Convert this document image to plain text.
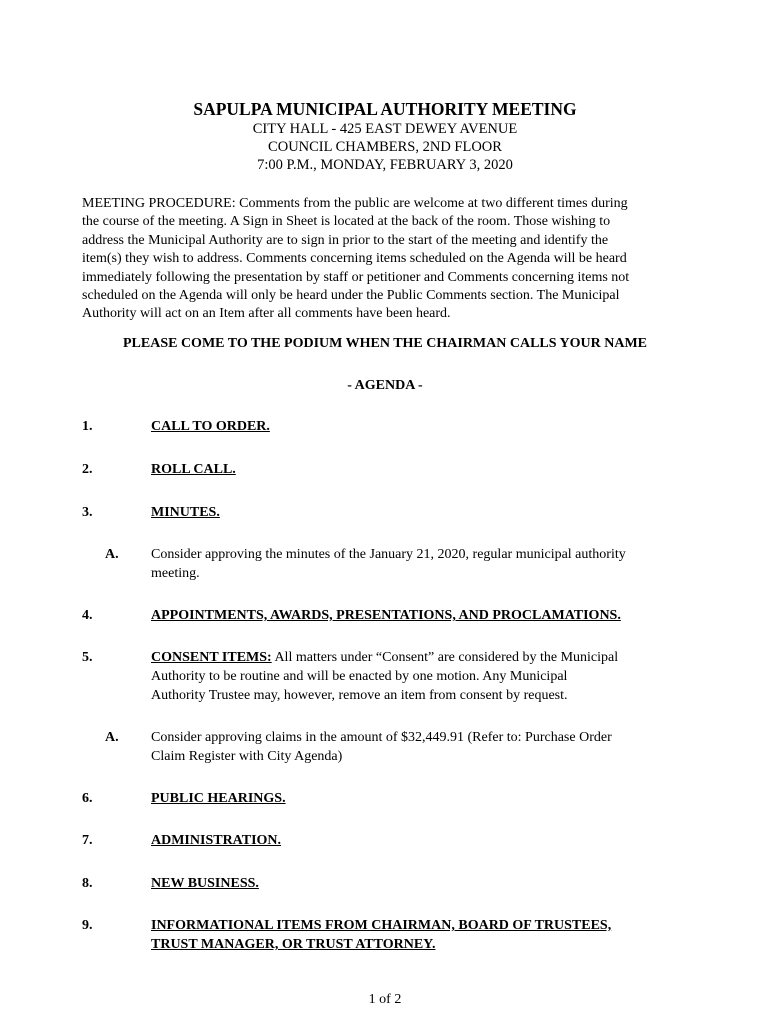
SAPULPA MUNICIPAL AUTHORITY MEETING
CITY HALL - 425 EAST DEWEY AVENUE
COUNCIL CHAMBERS, 2ND FLOOR
7:00 P.M., MONDAY, FEBRUARY 3, 2020
MEETING PROCEDURE: Comments from the public are welcome at two different times during
the course of the meeting. A Sign in Sheet is located at the back of the room. Those wishing to
address the Municipal Authority are to sign in prior to the start of the meeting and identify the
item(s) they wish to address. Comments concerning items scheduled on the Agenda will be heard
immediately following the presentation by staff or petitioner and Comments concerning items not
scheduled on the Agenda will only be heard under the Public Comments section. The Municipal
Authority will act on an Item after all comments have been heard.
PLEASE COME TO THE PODIUM WHEN THE CHAIRMAN CALLS YOUR NAME
- AGENDA -
1.	CALL TO ORDER.
2.	ROLL CALL.
3.	MINUTES.
A. Consider approving the minutes of the January 21, 2020, regular municipal authority
meeting.
4.	APPOINTMENTS, AWARDS, PRESENTATIONS, AND PROCLAMATIONS.
5.	CONSENT ITEMS: All matters under “Consent” are considered by the Municipal
Authority to be routine and will be enacted by one motion. Any Municipal
Authority Trustee may, however, remove an item from consent by request.
A. Consider approving claims in the amount of $32,449.91 (Refer to: Purchase Order
Claim Register with City Agenda)
6.	PUBLIC HEARINGS.
7.	ADMINISTRATION.
8.	NEW BUSINESS.
9.	INFORMATIONAL ITEMS FROM CHAIRMAN, BOARD OF TRUSTEES,
TRUST MANAGER, OR TRUST ATTORNEY.
1 of 2
